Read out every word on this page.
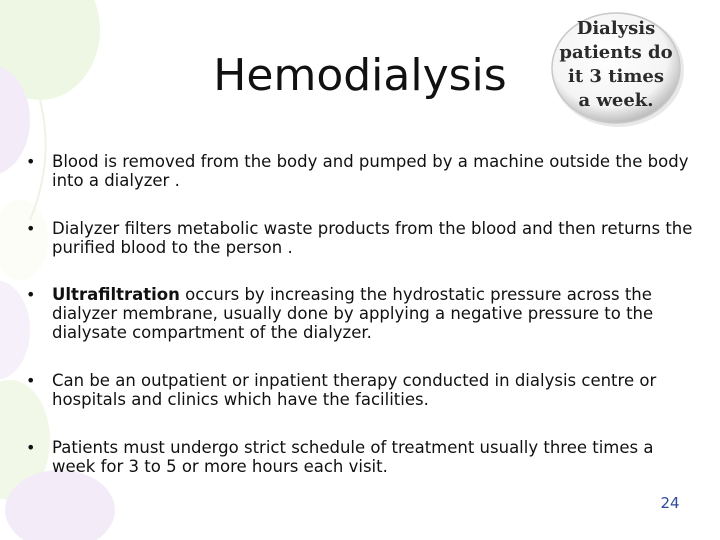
Hemodialysis
Dialysis
patients do
it 3 times
a week.
• Blood is removed from the body and pumped by a machine outside the body into a dialyzer .
• Dialyzer filters metabolic waste products from the blood and then returns the purified blood to the person .
• Ultrafiltration occurs by increasing the hydrostatic pressure across the dialyzer membrane, usually done by applying a negative pressure to the dialysate compartment of the dialyzer.
• Can be an outpatient or inpatient therapy conducted in dialysis centre or hospitals and clinics which have the facilities.
• Patients must undergo strict schedule of treatment usually three times a week for 3 to 5 or more hours each visit.
24
